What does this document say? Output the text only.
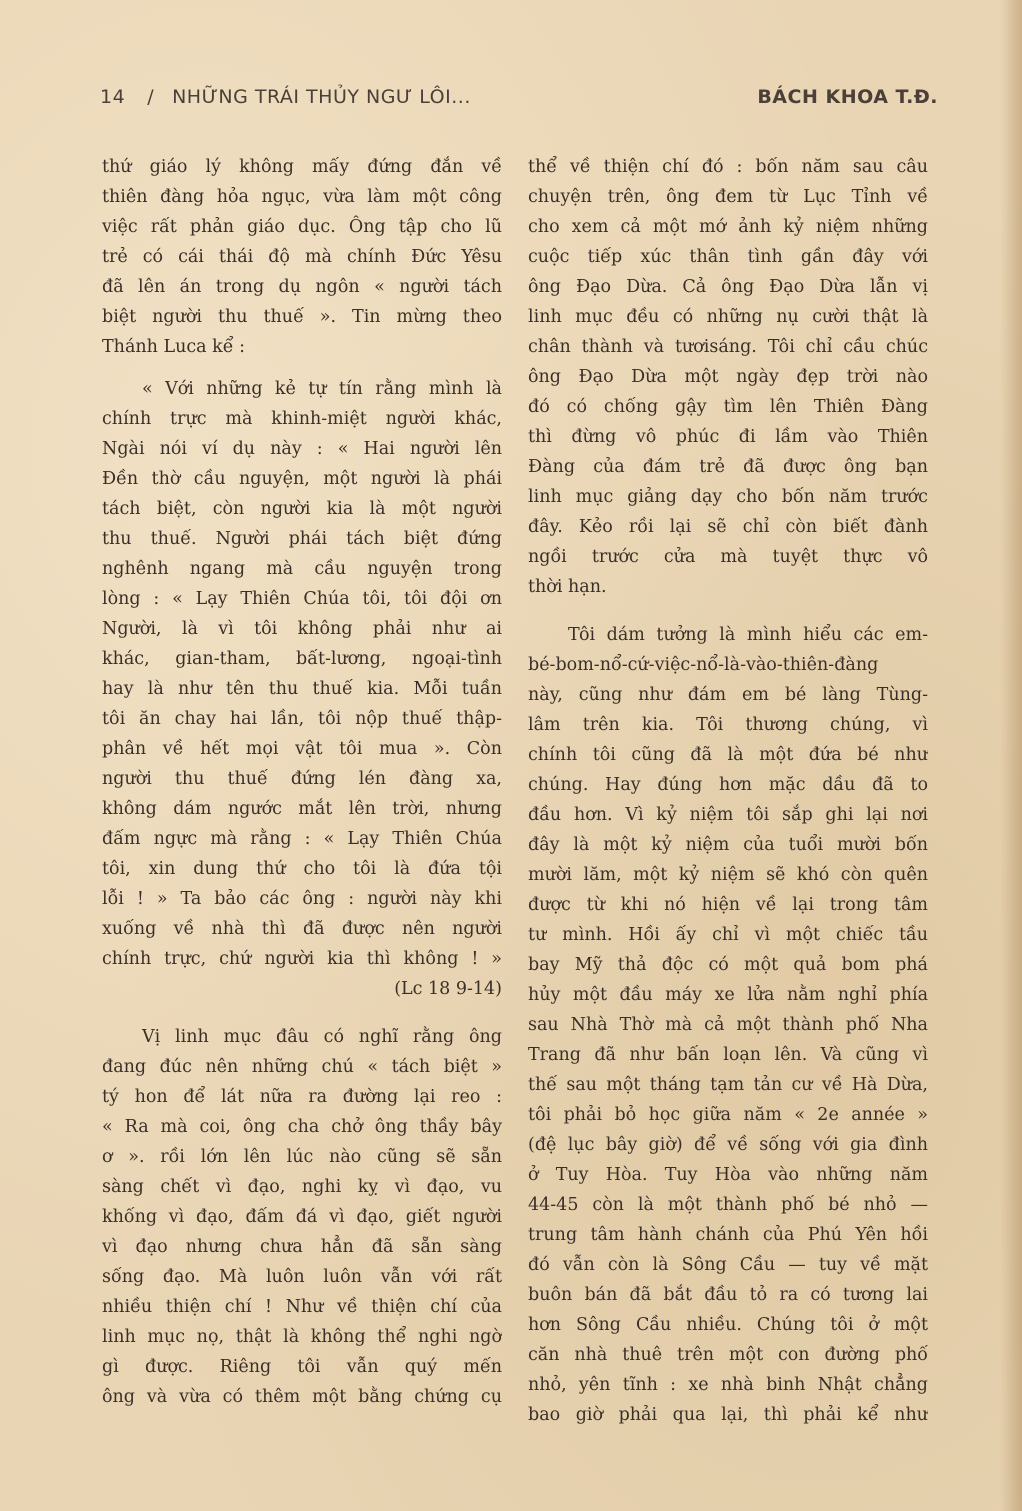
14 / NHỮNG TRÁI THỦY NGƯ LÔI...	BÁCH KHOA T.Đ.
thứ giáo lý không mấy đứng đắn về
thiên đàng hỏa ngục, vừa làm một công
việc rất phản giáo dục. Ông tập cho lũ
trẻ có cái thái độ mà chính Đức Yêsu
đã lên án trong dụ ngôn « người tách
biệt người thu thuế ». Tin mừng theo
Thánh Luca kể :
« Với những kẻ tự tín rằng mình là
chính trực mà khinh-miệt người khác,
Ngài nói ví dụ này : « Hai người lên
Đền thờ cầu nguyện, một người là phái
tách biệt, còn người kia là một người
thu thuế. Người phái tách biệt đứng
nghênh ngang mà cầu nguyện trong
lòng : « Lạy Thiên Chúa tôi, tôi đội ơn
Người, là vì tôi không phải như ai
khác, gian-tham, bất-lương, ngoại-tình
hay là như tên thu thuế kia. Mỗi tuần
tôi ăn chay hai lần, tôi nộp thuế thập-
phân về hết mọi vật tôi mua ». Còn
người thu thuế đứng lén đàng xa,
không dám ngước mắt lên trời, nhưng
đấm ngực mà rằng : « Lạy Thiên Chúa
tôi, xin dung thứ cho tôi là đứa tội
lỗi ! » Ta bảo các ông : người này khi
xuống về nhà thì đã được nên người
chính trực, chứ người kia thì không ! »
(Lc 18 9-14)
Vị linh mục đâu có nghĩ rằng ông
đang đúc nên những chú « tách biệt »
tý hon để lát nữa ra đường lại reo :
« Ra mà coi, ông cha chở ông thầy bây
ơ ». rồi lớn lên lúc nào cũng sẽ sẵn
sàng chết vì đạo, nghi kỵ vì đạo, vu
khống vì đạo, đấm đá vì đạo, giết người
vì đạo nhưng chưa hẳn đã sẵn sàng
sống đạo. Mà luôn luôn vẫn với rất
nhiều thiện chí ! Như về thiện chí của
linh mục nọ, thật là không thể nghi ngờ
gì được. Riêng tôi vẫn quý mến
ông và vừa có thêm một bằng chứng cụ
thể về thiện chí đó : bốn năm sau câu
chuyện trên, ông đem từ Lục Tỉnh về
cho xem cả một mớ ảnh kỷ niệm những
cuộc tiếp xúc thân tình gần đây với
ông Đạo Dừa. Cả ông Đạo Dừa lẫn vị
linh mục đều có những nụ cười thật là
chân thành và tươisáng. Tôi chỉ cầu chúc
ông Đạo Dừa một ngày đẹp trời nào
đó có chống gậy tìm lên Thiên Đàng
thì đừng vô phúc đi lầm vào Thiên
Đàng của đám trẻ đã được ông bạn
linh mục giảng dạy cho bốn năm trước
đây. Kẻo rồi lại sẽ chỉ còn biết đành
ngồi trước cửa mà tuyệt thực vô
thời hạn.
Tôi dám tưởng là mình hiểu các em-
bé-bom-nổ-cứ-việc-nổ-là-vào-thiên-đàng
này, cũng như đám em bé làng Tùng-
lâm trên kia. Tôi thương chúng, vì
chính tôi cũng đã là một đứa bé như
chúng. Hay đúng hơn mặc dầu đã to
đầu hơn. Vì kỷ niệm tôi sắp ghi lại nơi
đây là một kỷ niệm của tuổi mười bốn
mười lăm, một kỷ niệm sẽ khó còn quên
được từ khi nó hiện về lại trong tâm
tư mình. Hồi ấy chỉ vì một chiếc tầu
bay Mỹ thả độc có một quả bom phá
hủy một đầu máy xe lửa nằm nghỉ phía
sau Nhà Thờ mà cả một thành phố Nha
Trang đã như bấn loạn lên. Và cũng vì
thế sau một tháng tạm tản cư về Hà Dừa,
tôi phải bỏ học giữa năm « 2e année »
(đệ lục bây giờ) để về sống với gia đình
ở Tuy Hòa. Tuy Hòa vào những năm
44-45 còn là một thành phố bé nhỏ —
trung tâm hành chánh của Phú Yên hồi
đó vẫn còn là Sông Cầu — tuy về mặt
buôn bán đã bắt đầu tỏ ra có tương lai
hơn Sông Cầu nhiều. Chúng tôi ở một
căn nhà thuê trên một con đường phố
nhỏ, yên tĩnh : xe nhà binh Nhật chẳng
bao giờ phải qua lại, thì phải kể như
